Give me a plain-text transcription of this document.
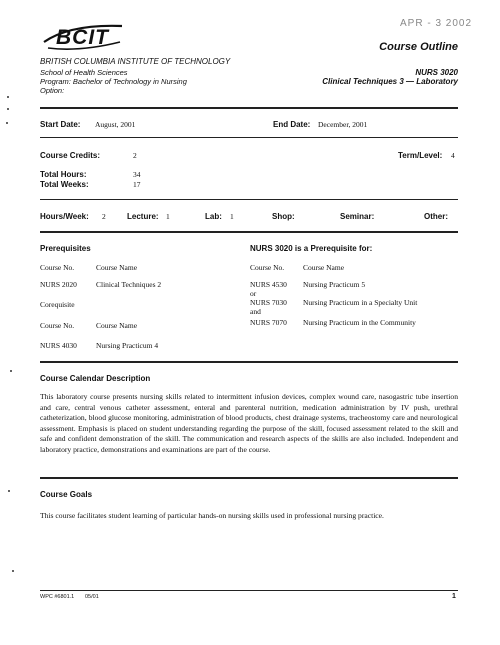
BCIT
APR - 3 2002
BRITISH COLUMBIA INSTITUTE OF TECHNOLOGY
School of Health Sciences
Program: Bachelor of Technology in Nursing
Option:
Course Outline
NURS 3020
Clinical Techniques 3 — Laboratory
Start Date: August, 2001	End Date: December, 2001
Course Credits:	2	Term/Level: 4
Total Hours:	34
Total Weeks:	17
Hours/Week: 2	Lecture: 1	Lab: 1	Shop:	Seminar:	Other:
Prerequisites
Course No.	Course Name
NURS 2020	Clinical Techniques 2
Corequisite
Course No.	Course Name
NURS 4030	Nursing Practicum 4
NURS 3020 is a Prerequisite for:
Course No.	Course Name
NURS 4530 Nursing Practicum 5
or
NURS 7030 Nursing Practicum in a Specialty Unit
and
NURS 7070 Nursing Practicum in the Community
Course Calendar Description
This laboratory course presents nursing skills related to intermittent infusion devices, complex wound care, nasogastric tube insertion and care, central venous catheter assessment, enteral and parenteral nutrition, medication administration by IV push, urethral catheterization, blood glucose monitoring, administration of blood products, chest drainage systems, tracheostomy care and neurological assessment. Emphasis is placed on student understanding regarding the purpose of the skill, focused assessment related to the skill and safe and confident demonstration of the skill. The communication and research aspects of the skills are also included. Independent and laboratory practice, demonstrations and examinations are part of the course.
Course Goals
This course facilitates student learning of particular hands-on nursing skills used in professional nursing practice.
WPC #6801.1 05/01	1
